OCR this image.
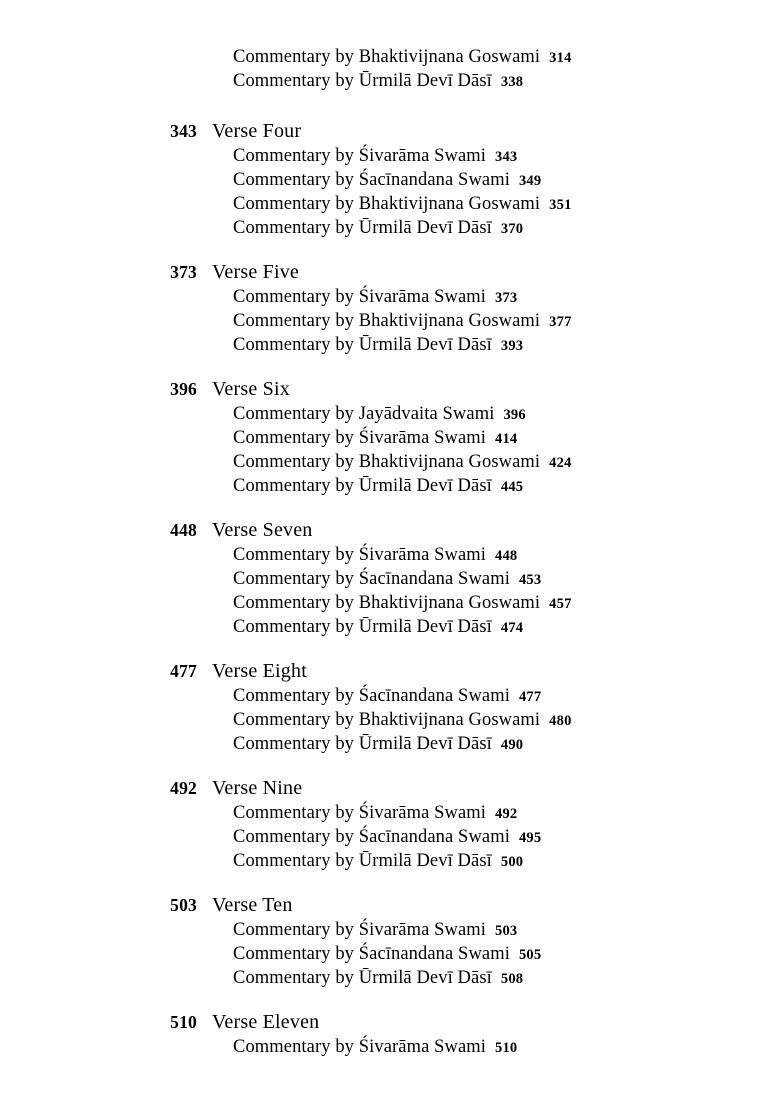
Commentary by Bhaktivijnana Goswami 314
Commentary by Ūrmilā Devī Dāsī 338
343 Verse Four
Commentary by Śivarāma Swami 343
Commentary by Śacīnandana Swami 349
Commentary by Bhaktivijnana Goswami 351
Commentary by Ūrmilā Devī Dāsī 370
373 Verse Five
Commentary by Śivarāma Swami 373
Commentary by Bhaktivijnana Goswami 377
Commentary by Ūrmilā Devī Dāsī 393
396 Verse Six
Commentary by Jayādvaita Swami 396
Commentary by Śivarāma Swami 414
Commentary by Bhaktivijnana Goswami 424
Commentary by Ūrmilā Devī Dāsī 445
448 Verse Seven
Commentary by Śivarāma Swami 448
Commentary by Śacīnandana Swami 453
Commentary by Bhaktivijnana Goswami 457
Commentary by Ūrmilā Devī Dāsī 474
477 Verse Eight
Commentary by Śacīnandana Swami 477
Commentary by Bhaktivijnana Goswami 480
Commentary by Ūrmilā Devī Dāsī 490
492 Verse Nine
Commentary by Śivarāma Swami 492
Commentary by Śacīnandana Swami 495
Commentary by Ūrmilā Devī Dāsī 500
503 Verse Ten
Commentary by Śivarāma Swami 503
Commentary by Śacīnandana Swami 505
Commentary by Ūrmilā Devī Dāsī 508
510 Verse Eleven
Commentary by Śivarāma Swami 510
